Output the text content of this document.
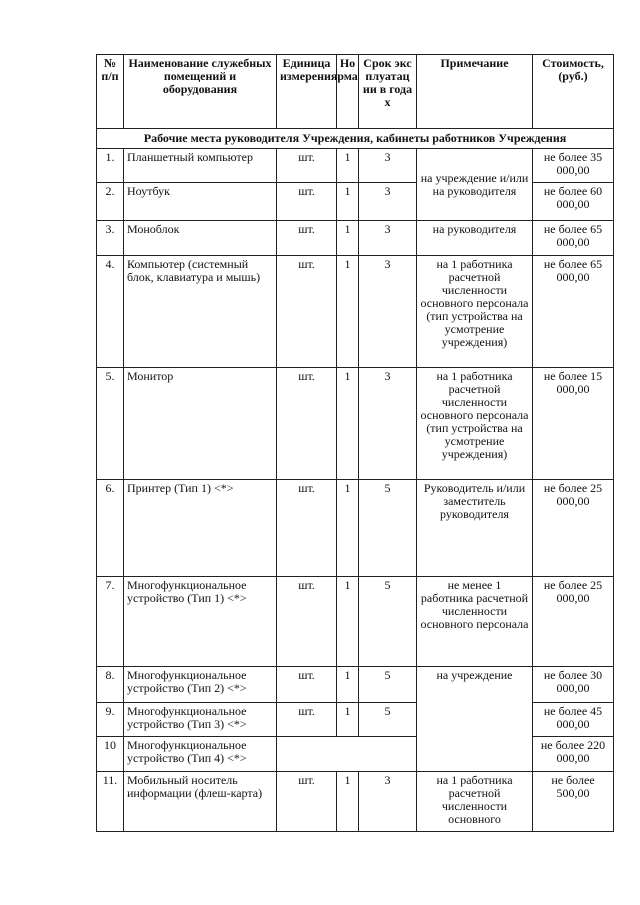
№ п/п	Наименование служебных помещений и оборудования	Единица измерения	Норма	Срок эксплуатации в годах	Примечание	Стоимость, (руб.)
Рабочие места руководителя Учреждения, кабинеты работников Учреждения						
1.	Планшетный компьютер	шт.	1	3	на учреждение и/или на руководителя	не более 35 000,00
2.	Ноутбук	шт.	1	3		не более 60 000,00
3.	Моноблок	шт.	1	3	на руководителя	не более 65 000,00
4.	Компьютер (системный блок, клавиатура и мышь)	шт.	1	3	на 1 работника расчетной численности основного персонала (тип устройства на усмотрение учреждения)	не более 65 000,00
5.	Монитор	шт.	1	3	на 1 работника расчетной численности основного персонала (тип устройства на усмотрение учреждения)	не более 15 000,00
6.	Принтер (Тип 1) <*>	шт.	1	5	Руководитель и/или заместитель руководителя	не более 25 000,00
7.	Многофункциональное устройство (Тип 1) <*>	шт.	1	5	не менее 1 работника расчетной численности основного персонала	не более 25 000,00
8.	Многофункциональное устройство (Тип 2) <*>	шт.	1	5	на учреждение	не более 30 000,00
9.	Многофункциональное устройство (Тип 3) <*>	шт.	1	5		не более 45 000,00
10	Многофункциональное устройство (Тип 4) <*>					не более 220 000,00
11.	Мобильный носитель информации (флеш-карта)	шт.	1	3	на 1 работника расчетной численности основного	не более 500,00
